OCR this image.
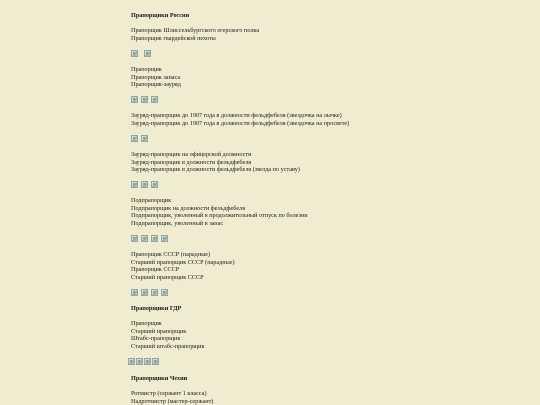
Прапорщики России
Прапорщик Шлиссельбургского егерского полка
Прапорщик гвардейской пехоты
Прапорщик
Прапорщик запаса
Прапорщик-зауряд
Зауряд-прапорщик до 1907 года в должности фельдфебеля (звездочка на лычке)
Зауряд-прапорщик до 1907 года в должности фельдфебеля (звездочка на просвете)
Зауряд-прапорщик на офицерской должности
Зауряд-прапорщик в должности фельдфебеля
Зауряд-прапорщик в должности фельдфебеля (звезда по уставу)
Подпрапорщик
Подпрапорщик на должности фельдфебеля
Подпрапорщик, уволенный в продолжительный отпуск по болезни
Подпрапорщик, уволенный в запас
Прапорщик СССР (парадные)
Старший прапорщик СССР (парадные)
Прапорщик СССР
Старший прапорщик СССР
Прапорщики ГДР
Прапорщик
Старший прапорщик
Штабс-прапорщик
Старший штабс-прапорщик
Прапорщики Чехии
Ротмистр (сержант 1 класса)
Надротмистр (мастер-сержант)
